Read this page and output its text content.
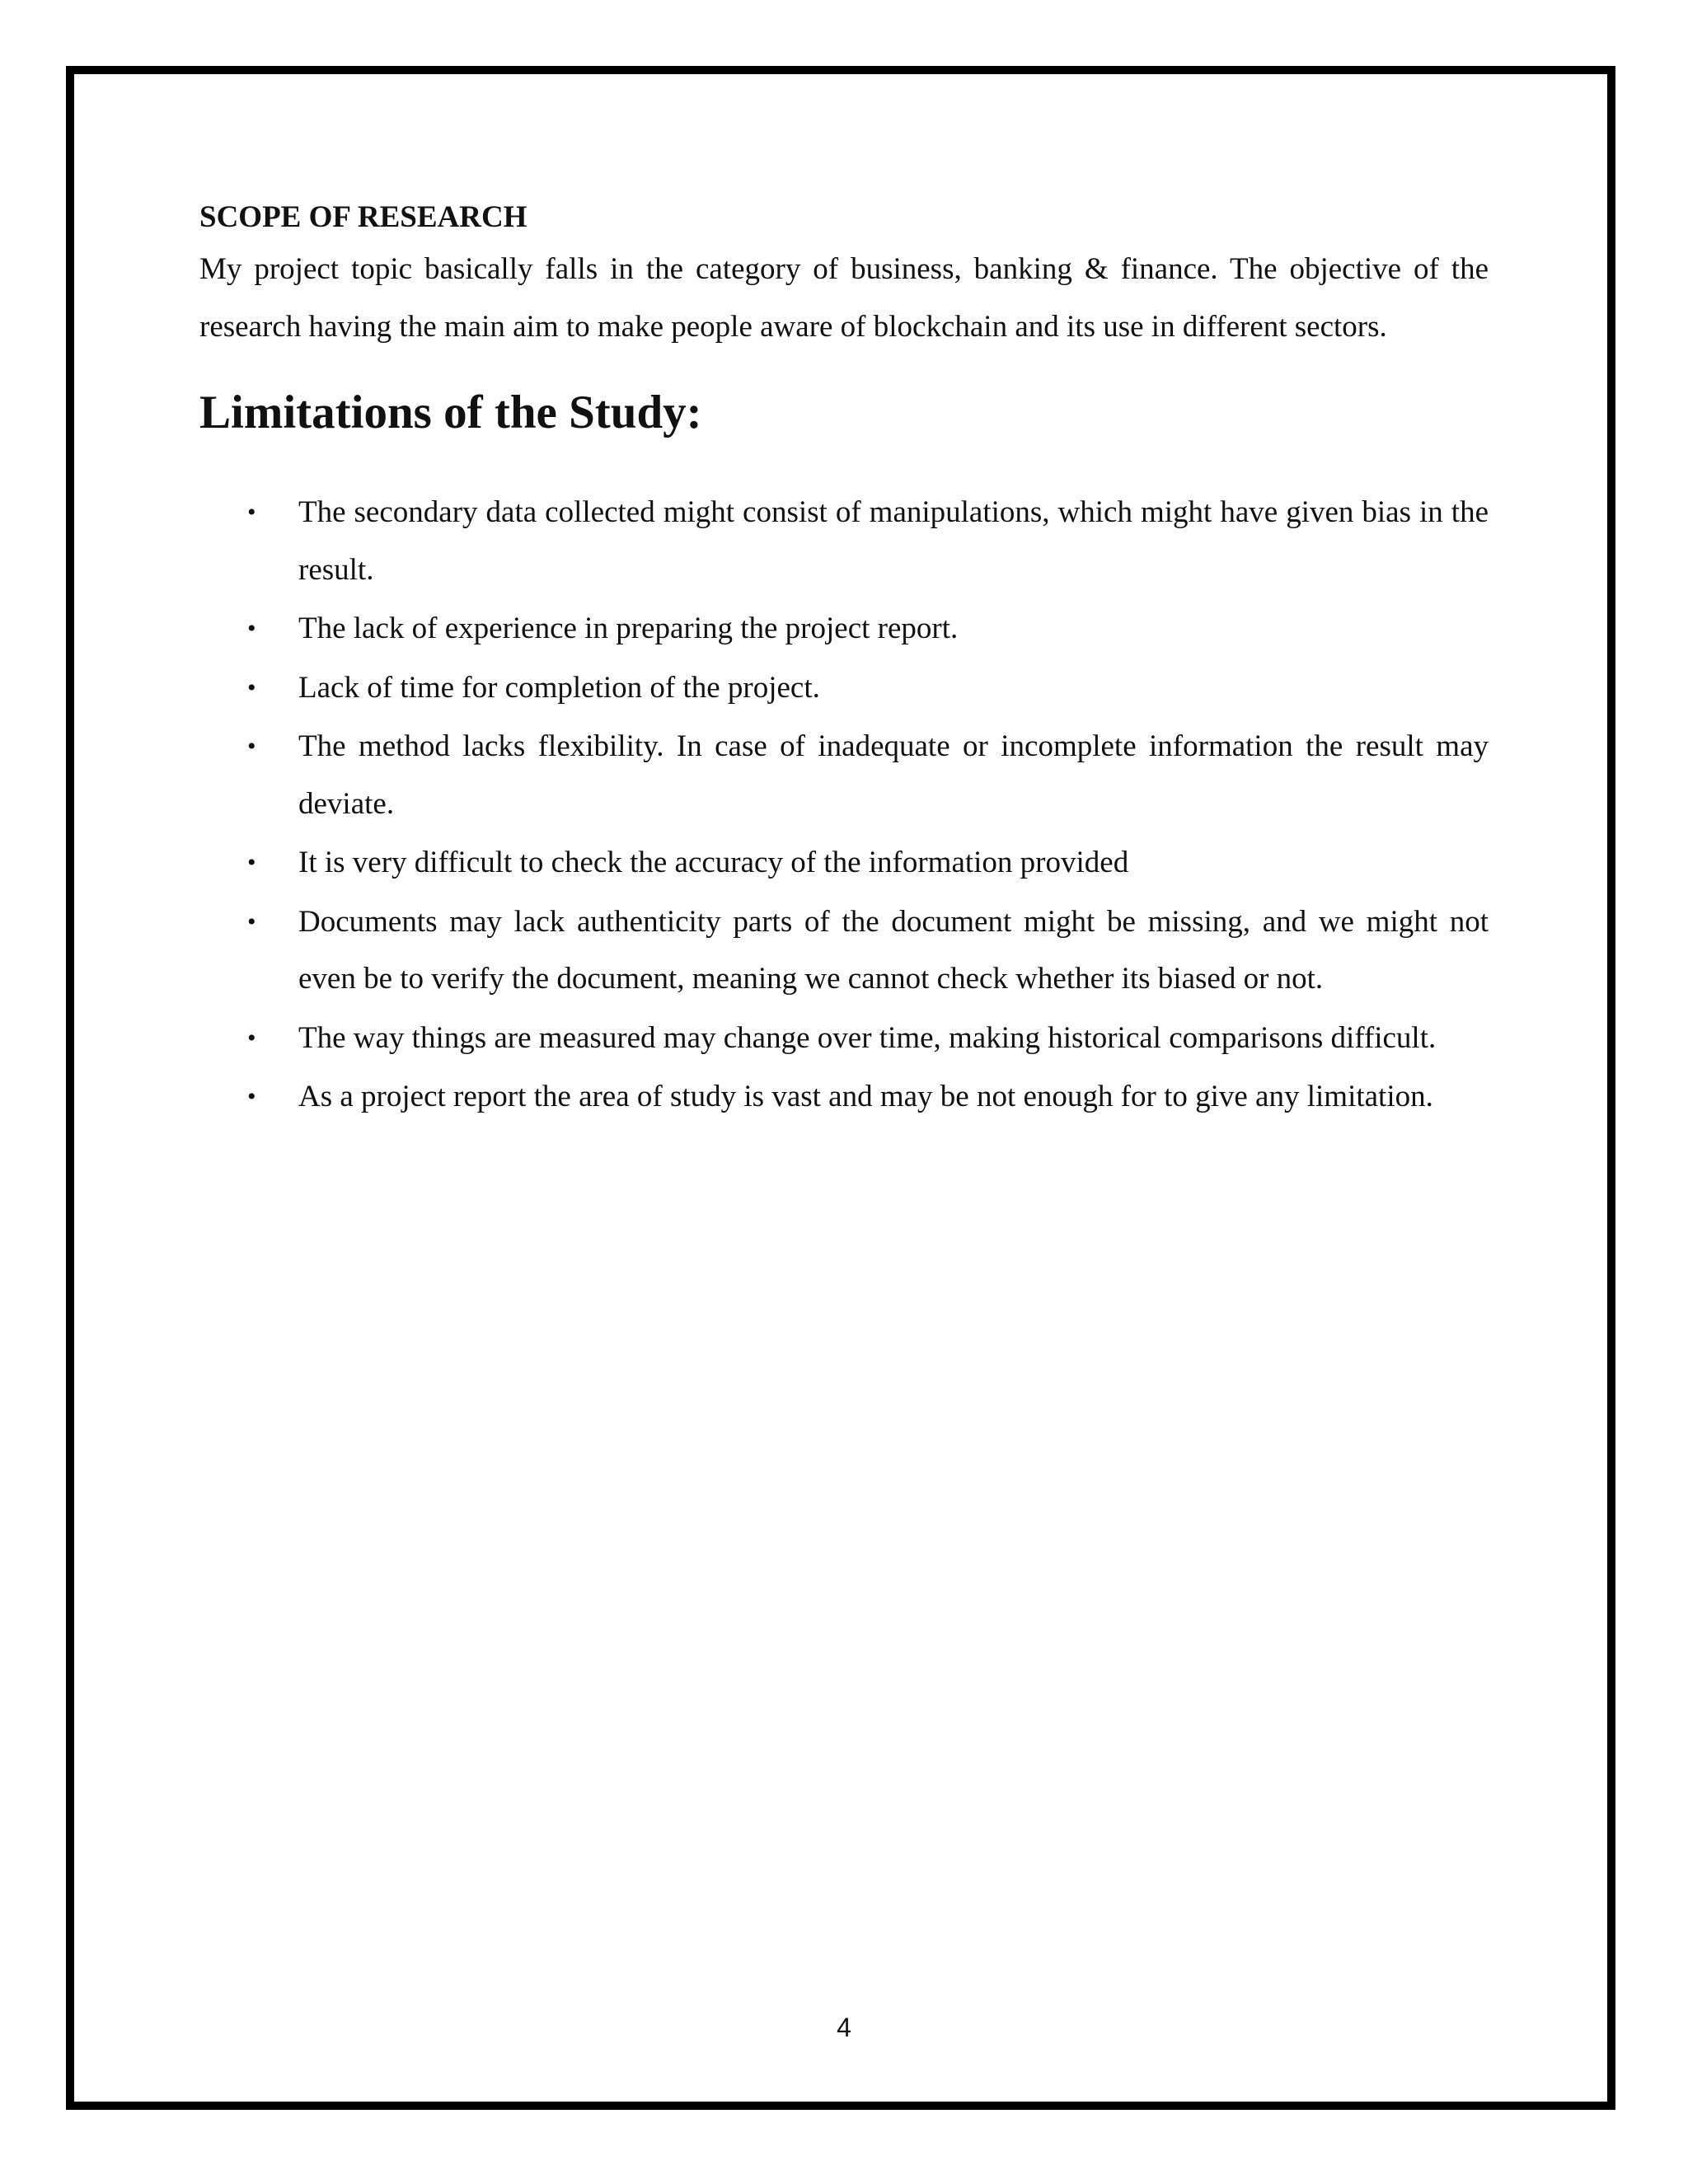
SCOPE OF RESEARCH

My project topic basically falls in the category of business, banking & finance. The objective of the research having the main aim to make people aware of blockchain and its use in different sectors.

Limitations of the Study:
• The secondary data collected might consist of manipulations, which might have given bias in the result.
• The lack of experience in preparing the project report.
• Lack of time for completion of the project.
• The method lacks flexibility. In case of inadequate or incomplete information the result may deviate.
• It is very difficult to check the accuracy of the information provided
• Documents may lack authenticity parts of the document might be missing, and we might not even be to verify the document, meaning we cannot check whether its biased or not.
• The way things are measured may change over time, making historical comparisons difficult.
• As a project report the area of study is vast and may be not enough for to give any limitation.
4
